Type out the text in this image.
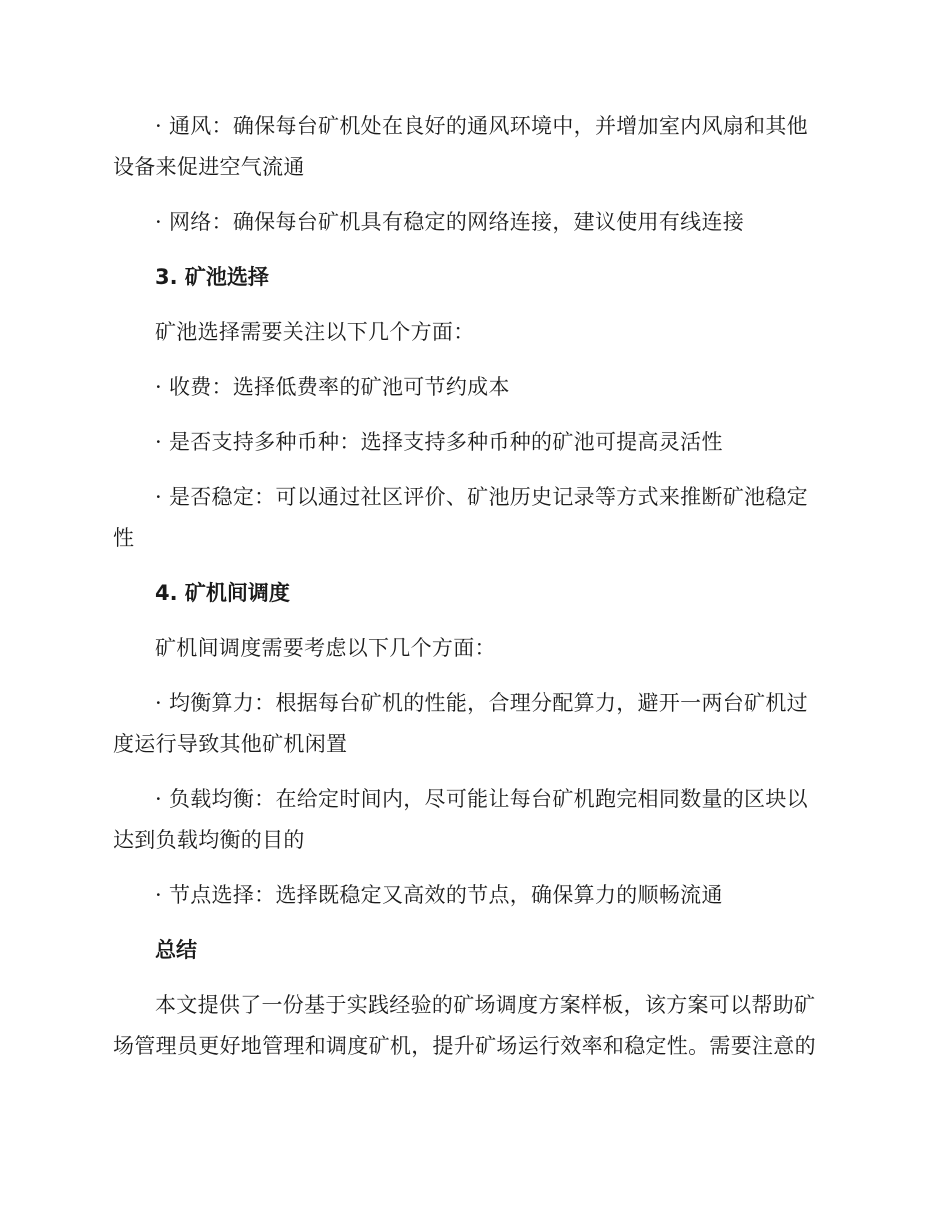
· 通风：确保每台矿机处在良好的通风环境中，并增加室内风扇和其他设备来促进空气流通

· 网络：确保每台矿机具有稳定的网络连接，建议使用有线连接

3. 矿池选择

矿池选择需要关注以下几个方面：

· 收费：选择低费率的矿池可节约成本

· 是否支持多种币种：选择支持多种币种的矿池可提高灵活性

· 是否稳定：可以通过社区评价、矿池历史记录等方式来推断矿池稳定性

4. 矿机间调度

矿机间调度需要考虑以下几个方面：

· 均衡算力：根据每台矿机的性能，合理分配算力，避开一两台矿机过度运行导致其他矿机闲置

· 负载均衡：在给定时间内，尽可能让每台矿机跑完相同数量的区块以达到负载均衡的目的

· 节点选择：选择既稳定又高效的节点，确保算力的顺畅流通

总结

本文提供了一份基于实践经验的矿场调度方案样板，该方案可以帮助矿场管理员更好地管理和调度矿机，提升矿场运行效率和稳定性。需要注意的
